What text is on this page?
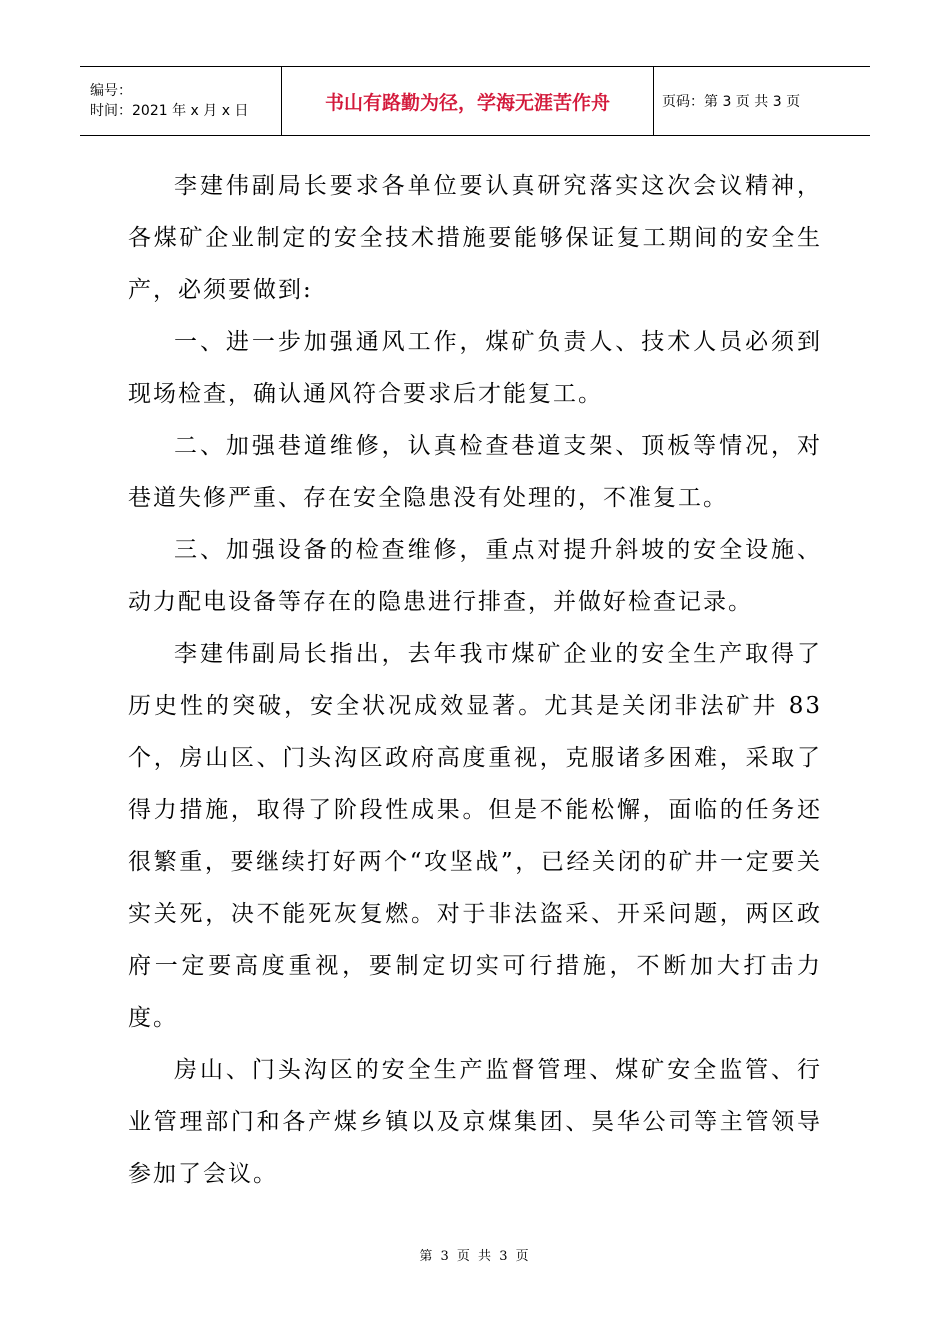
编号：
时间：2021 年 x 月 x 日	书山有路勤为径，学海无涯苦作舟	页码：第 3 页 共 3 页

李建伟副局长要求各单位要认真研究落实这次会议精神，各煤矿企业制定的安全技术措施要能够保证复工期间的安全生产，必须要做到:

一、进一步加强通风工作，煤矿负责人、技术人员必须到现场检查，确认通风符合要求后才能复工。

二、加强巷道维修，认真检查巷道支架、顶板等情况，对巷道失修严重、存在安全隐患没有处理的，不准复工。

三、加强设备的检查维修，重点对提升斜坡的安全设施、动力配电设备等存在的隐患进行排查，并做好检查记录。

李建伟副局长指出，去年我市煤矿企业的安全生产取得了历史性的突破，安全状况成效显著。尤其是关闭非法矿井 83 个，房山区、门头沟区政府高度重视，克服诸多困难，采取了得力措施，取得了阶段性成果。但是不能松懈，面临的任务还很繁重，要继续打好两个“攻坚战”，已经关闭的矿井一定要关实关死，决不能死灰复燃。对于非法盗采、开采问题，两区政府一定要高度重视，要制定切实可行措施，不断加大打击力度。

房山、门头沟区的安全生产监督管理、煤矿安全监管、行业管理部门和各产煤乡镇以及京煤集团、昊华公司等主管领导参加了会议。

第 3 页 共 3 页
